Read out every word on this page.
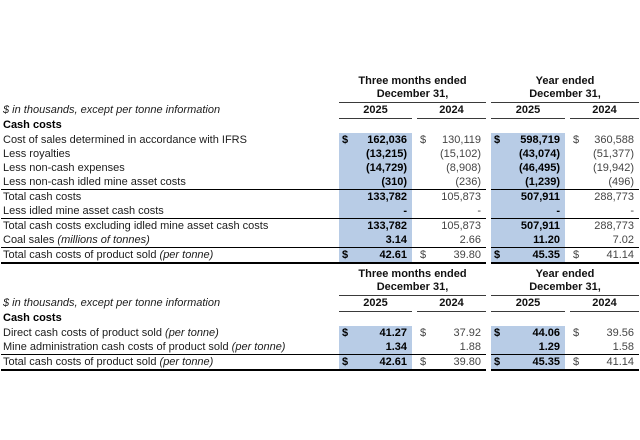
	Three months ended				Year ended		
	December 31,				December 31,		
$ in thousands, except per tonne information	2025		2024		2025		2024
Cash costs							
Cost of sales determined in accordance with IFRS	$ 162,036		$ 130,119		$ 598,719		$ 360,588
Less royalties	(13,215)		(15,102)		(43,074)		(51,377)
Less non-cash expenses	(14,729)		(8,908)		(46,495)		(19,942)
Less non-cash idled mine asset costs	(310)		(236)		(1,239)		(496)
Total cash costs	133,782		105,873		507,911		288,773
Less idled mine asset cash costs	-		-		-		-
Total cash costs excluding idled mine asset cash costs	133,782		105,873		507,911		288,773
Coal sales (millions of tonnes)	3.14		2.66		11.20		7.02
Total cash costs of product sold (per tonne)	$ 42.61		$ 39.80		$ 45.35		$ 41.14
	Three months ended				Year ended		
	December 31,				December 31,		
$ in thousands, except per tonne information	2025		2024		2025		2024
Cash costs							
Direct cash costs of product sold (per tonne)	$ 41.27		$ 37.92		$ 44.06		$ 39.56
Mine administration cash costs of product sold (per tonne)	1.34		1.88		1.29		1.58
Total cash costs of product sold (per tonne)	$ 42.61		$ 39.80		$ 45.35		$ 41.14
